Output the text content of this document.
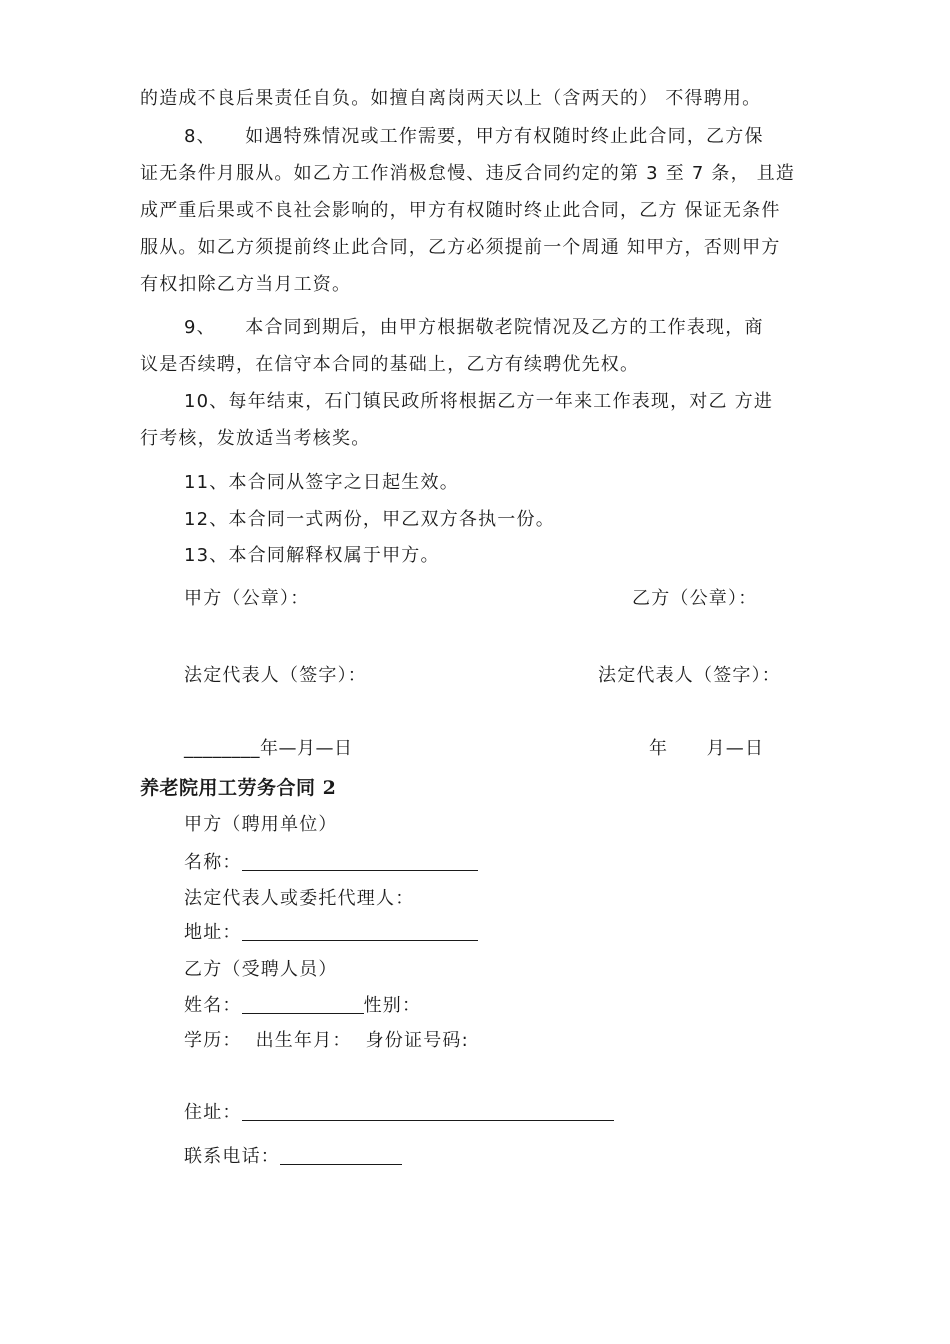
的造成不良后果责任自负。如擅自离岗两天以上（含两天的） 不得聘用。
8、　　如遇特殊情况或工作需要，甲方有权随时终止此合同，乙方保
证无条件月服从。如乙方工作消极怠慢、违反合同约定的第 3 至 7 条， 且造
成严重后果或不良社会影响的，甲方有权随时终止此合同，乙方 保证无条件
服从。如乙方须提前终止此合同，乙方必须提前一个周通 知甲方，否则甲方
有权扣除乙方当月工资。
9、　　本合同到期后，由甲方根据敬老院情况及乙方的工作表现，商
议是否续聘，在信守本合同的基础上，乙方有续聘优先权。
10、每年结束，石门镇民政所将根据乙方一年来工作表现，对乙 方进
行考核，发放适当考核奖。
11、本合同从签字之日起生效。
12、本合同一式两份，甲乙双方各执一份。
13、本合同解释权属于甲方。
甲方（公章）：	乙方（公章）：
法定代表人（签字）：	法定代表人（签字）：
________年—月—日	年　　月—日
养老院用工劳务合同 2
甲方（聘用单位）
名称：
法定代表人或委托代理人：
地址：
乙方（受聘人员）
姓名：	性别：
学历： 出生年月： 身份证号码:
住址：
联系电话：
